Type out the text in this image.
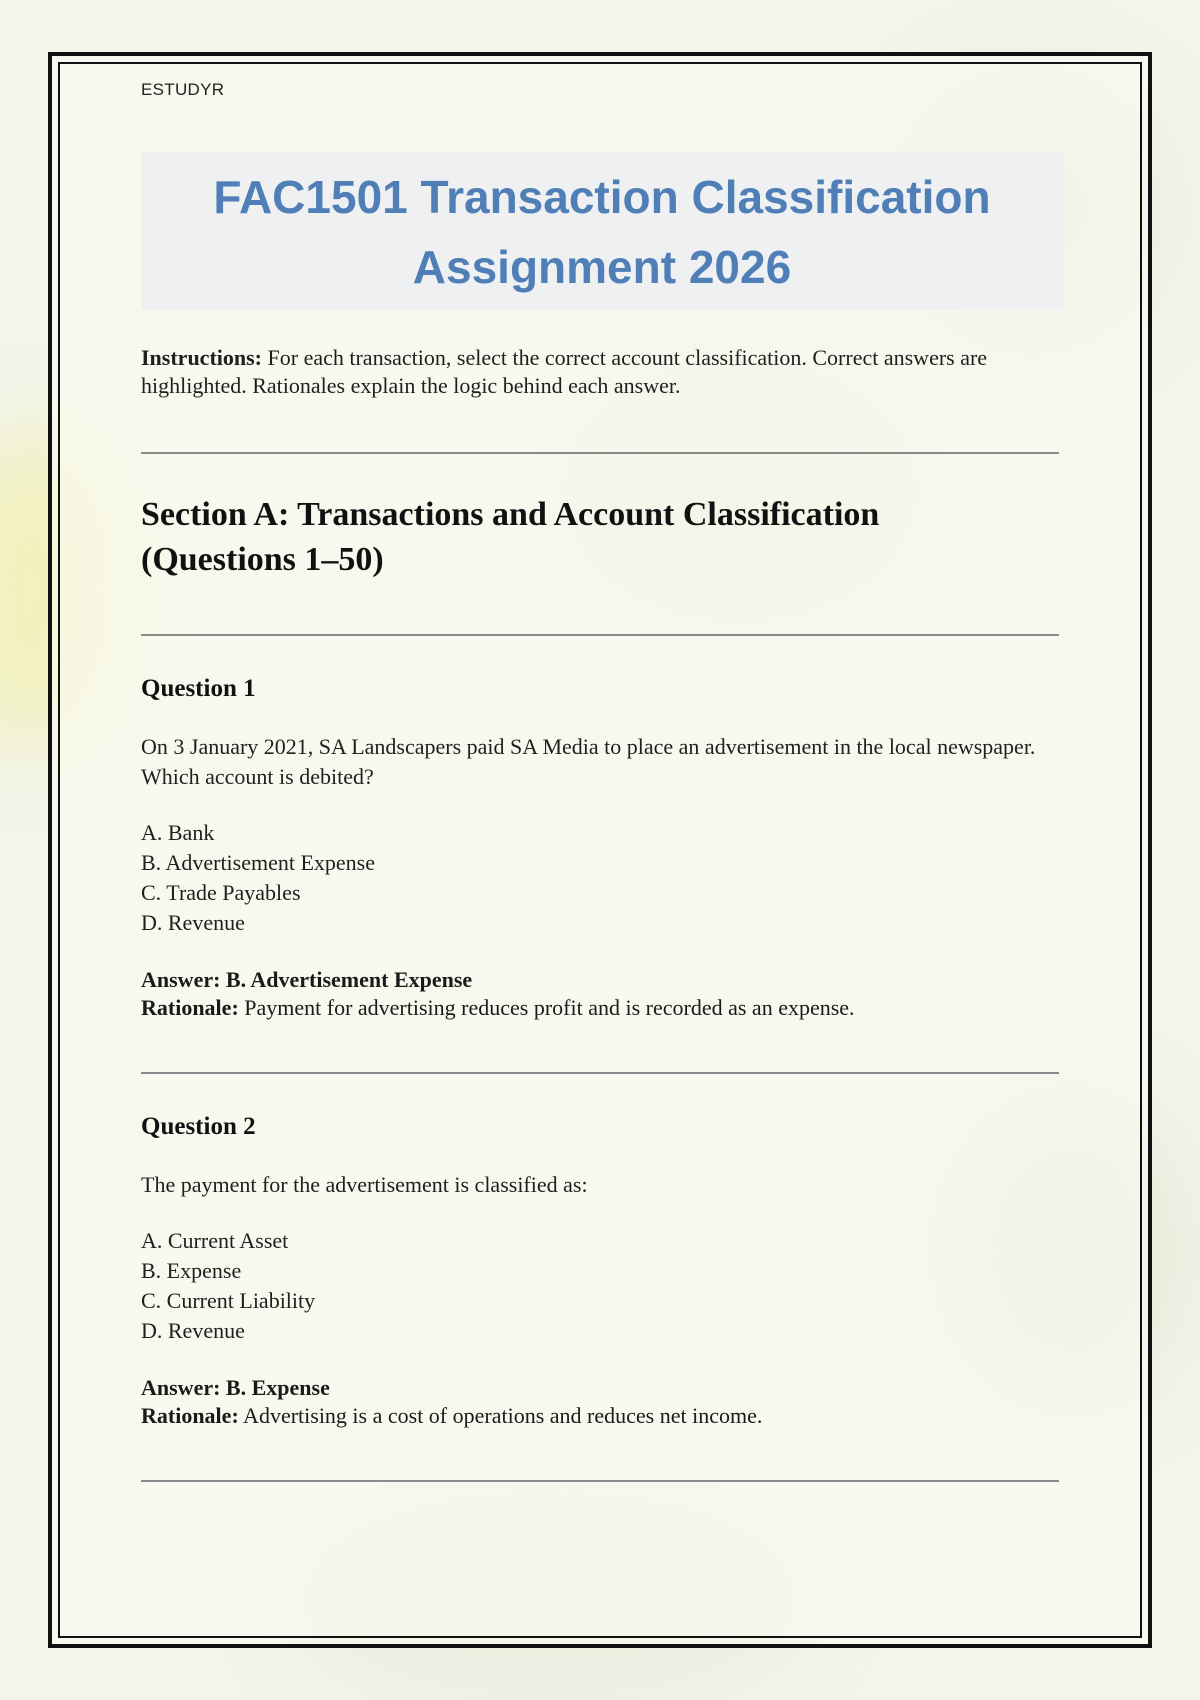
ESTUDYR
FAC1501 Transaction Classification
Assignment 2026

Instructions: For each transaction, select the correct account classification. Correct answers are highlighted. Rationales explain the logic behind each answer.

Section A: Transactions and Account Classification
(Questions 1–50)
Question 1

On 3 January 2021, SA Landscapers paid SA Media to place an advertisement in the local newspaper. Which account is debited?

A. Bank
B. Advertisement Expense
C. Trade Payables
D. Revenue
Answer: B. Advertisement Expense
Rationale: Payment for advertising reduces profit and is recorded as an expense.
Question 2

The payment for the advertisement is classified as:

A. Current Asset
B. Expense
C. Current Liability
D. Revenue
Answer: B. Expense
Rationale: Advertising is a cost of operations and reduces net income.
